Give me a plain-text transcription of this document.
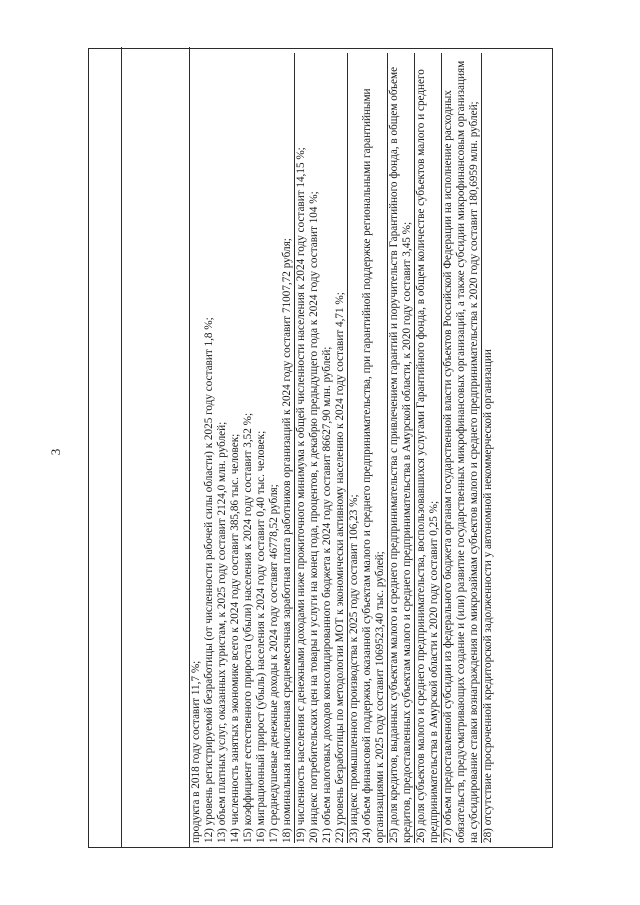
3

продукта в 2018 году составит 11,7 %; 12) уровень регистрируемой безработицы (от численности рабочей силы области) к 2025 году составит 1,8 %; 13) объем платных услуг, оказанных туристам, к 2025 году составит 2124,0 млн. рублей; 14) численность занятых в экономике всего к 2024 году составит 385,86 тыс. человек; 15) коэффициент естественного прироста (убыли) населения к 2024 году составит 3,52 %; 16) миграционный прирост (убыль) населения к 2024 году составит 0,40 тыс. человек; 17) среднедушевые денежные доходы к 2024 году составят 46778,52 рубля; 18) номинальная начисленная среднемесячная заработная плата работников организаций к 2024 году составит 71007,72 рубля; 19) численность населения с денежными доходами ниже прожиточного минимума к общей численности населения к 2024 году составит 14,15 %; 20) индекс потребительских цен на товары и услуги на конец года, процентов, к декабрю предыдущего года к 2024 году составит 104 %; 21) объем налоговых доходов консолидированного бюджета к 2024 году составит 86627,90 млн. рублей; 22) уровень безработицы по методологии МОТ к экономически активному населению к 2024 году составит 4,71 %; 23) индекс промышленного производства к 2025 году составит 106,23 %; 24) объем финансовой поддержки, оказанной субъектам малого и среднего предпринимательства, при гарантийной поддержке региональными гарантийными организациями к 2025 году составит 1069523,40 тыс. рублей; 25) доля кредитов, выданных субъектам малого и среднего предпринимательства с привлечением гарантий и поручительств Гарантийного фонда, в общем объеме кредитов, предоставленных субъектам малого и среднего предпринимательства в Амурской области, к 2020 году составит 3,45 %; 26) доля субъектов малого и среднего предпринимательства, воспользовавшихся услугами Гарантийного фонда, в общем количестве субъектов малого и среднего предпринимательства в Амурской области к 2020 году составит 0,25 %; 27) объем предоставленной субсидии из федерального бюджета органам государственной власти субъектов Российской Федерации на исполнение расходных обязательств, предусматривающих создание и (или) развитие государственных микрофинансовых организаций, а также субсидии микрофинансовым организациям на субсидирование ставки вознаграждения по микрозаймам субъектов малого и среднего предпринимательства к 2020 году составит 180,6959 млн. рублей; 28) отсутствие просроченной кредиторской задолженности у автономной некоммерческой организации
